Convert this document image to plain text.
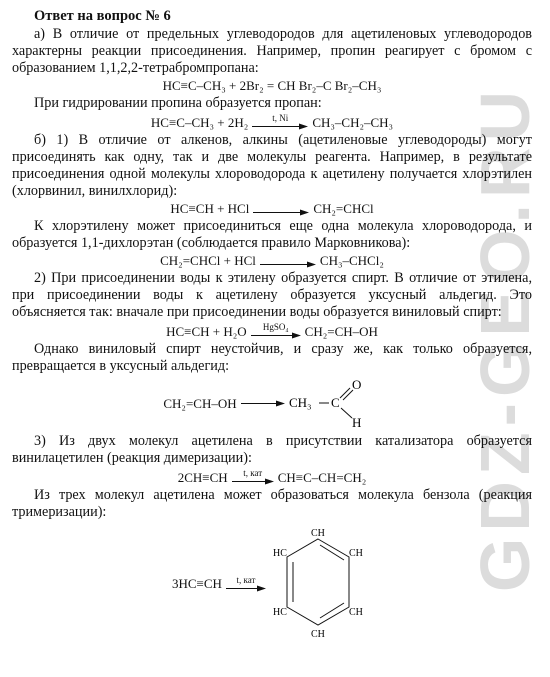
GDZ-GEO.RU
Ответ на вопрос № 6

а) В отличие от предельных углеводородов для ацетиленовых углеводородов характерны реакции присоединения. Например, пропин реагирует с бромом с образованием 1,1,2,2-тетрабромпропана:

HC≡C–CH₃ + 2Br₂ = CH Br₂–C Br₂–CH₃

При гидрировании пропина образуется пропан:

HC≡C–CH₃ + 2H₂	t, Ni CH₃–CH₂–CH₃

б) 1) В отличие от алкенов, алкины (ацетиленовые углеводороды) могут присоединять как одну, так и две молекулы реагента. Например, в результате присоединения одной молекулы хлороводорода к ацетилену получается хлорэтилен (хлорвинил, винилхлорид):

HC≡CH + HCl	CH₂=CHCl

К хлорэтилену может присоединиться еще одна молекула хлороводорода, и образуется 1,1-дихлорэтан (соблюдается правило Марковникова):

CH₂=CHCl + HCl	CH₃–CHCl₂

2) При присоединении воды к этилену образуется спирт. В отличие от этилена, при присоединении воды к ацетилену образуется уксусный альдегид. Это объясняется так: вначале при присоединении воды образуется виниловый спирт:

HC≡CH + H₂O HgSO₄ CH₂=CH–OH

Однако виниловый спирт неустойчив, и сразу же, как только образуется, превращается в уксусный альдегид:

CH₂=CH–OH → CH₃ C
O
H

3) Из двух молекул ацетилена в присутствии катализатора образуется винилацетилен (реакция димеризации):

2CH≡CH t, кат CH≡C–CH=CH₂

Из трех молекул ацетилена может образоваться молекула бензола (реакция тримеризации):

3HC≡CH t, кат
CH
CH
CH
CH
HC
HC
